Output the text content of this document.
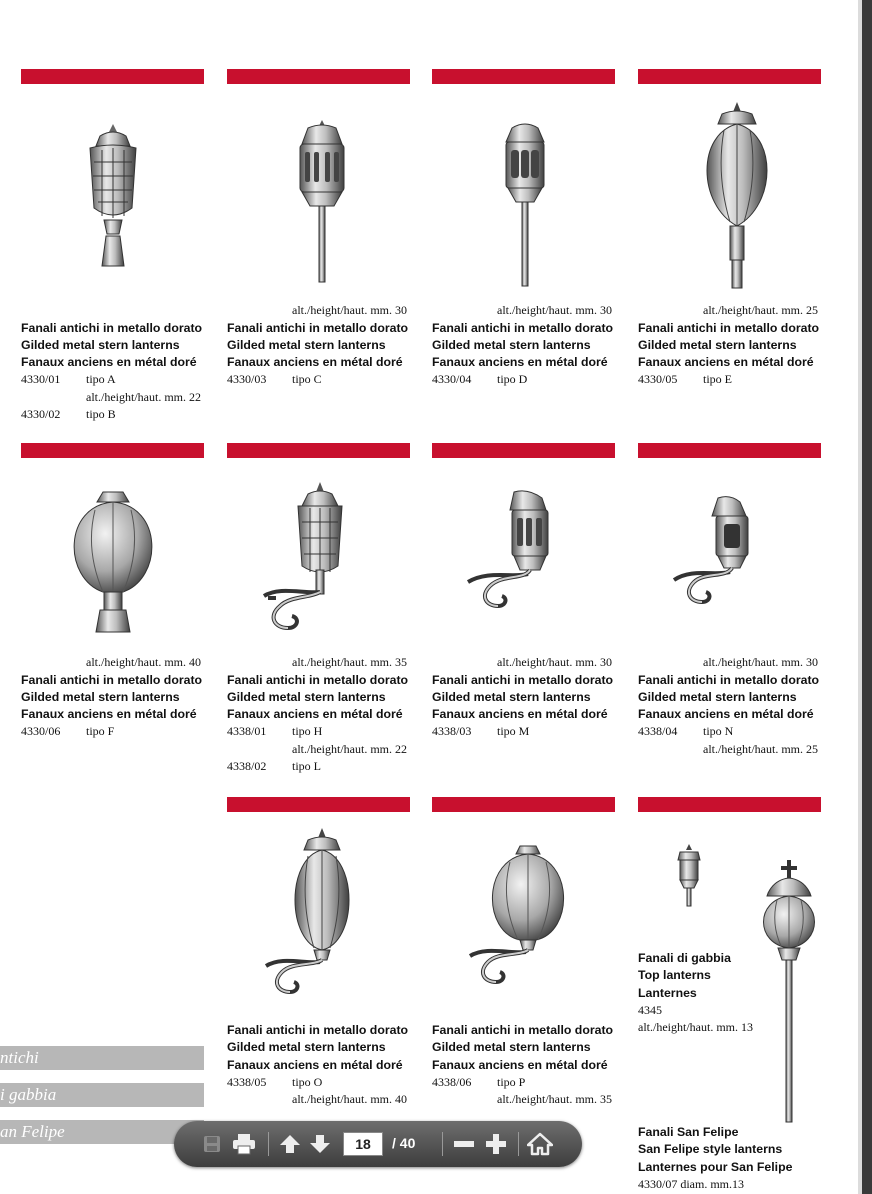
Fanali antichi in metallo dorato
Gilded metal stern lanterns
Fanaux anciens en métal doré
4330/01 tipo A
alt./height/haut. mm. 22
4330/02 tipo B
alt./height/haut. mm. 30
Fanali antichi in metallo dorato
Gilded metal stern lanterns
Fanaux anciens en métal doré
4330/03 tipo C
alt./height/haut. mm. 30
Fanali antichi in metallo dorato
Gilded metal stern lanterns
Fanaux anciens en métal doré
4330/04 tipo D
alt./height/haut. mm. 25
Fanali antichi in metallo dorato
Gilded metal stern lanterns
Fanaux anciens en métal doré
4330/05 tipo E
alt./height/haut. mm. 40
Fanali antichi in metallo dorato
Gilded metal stern lanterns
Fanaux anciens en métal doré
4330/06 tipo F
alt./height/haut. mm. 35
Fanali antichi in metallo dorato
Gilded metal stern lanterns
Fanaux anciens en métal doré
4338/01 tipo H
alt./height/haut. mm. 22
4338/02 tipo L
alt./height/haut. mm. 30
Fanali antichi in metallo dorato
Gilded metal stern lanterns
Fanaux anciens en métal doré
4338/03 tipo M
alt./height/haut. mm. 30
Fanali antichi in metallo dorato
Gilded metal stern lanterns
Fanaux anciens en métal doré
4338/04 tipo N
alt./height/haut. mm. 25
Fanali antichi in metallo dorato
Gilded metal stern lanterns
Fanaux anciens en métal doré
4338/05 tipo O
alt./height/haut. mm. 40
Fanali antichi in metallo dorato
Gilded metal stern lanterns
Fanaux anciens en métal doré
4338/06 tipo P
alt./height/haut. mm. 35
Fanali di gabbia
Top lanterns
Lanternes
4345
alt./height/haut. mm. 13
Fanali San Felipe
San Felipe style lanterns
Lanternes pour San Felipe
4330/07 diam. mm.13
ntichi
i gabbia
an Felipe
18	/ 40
